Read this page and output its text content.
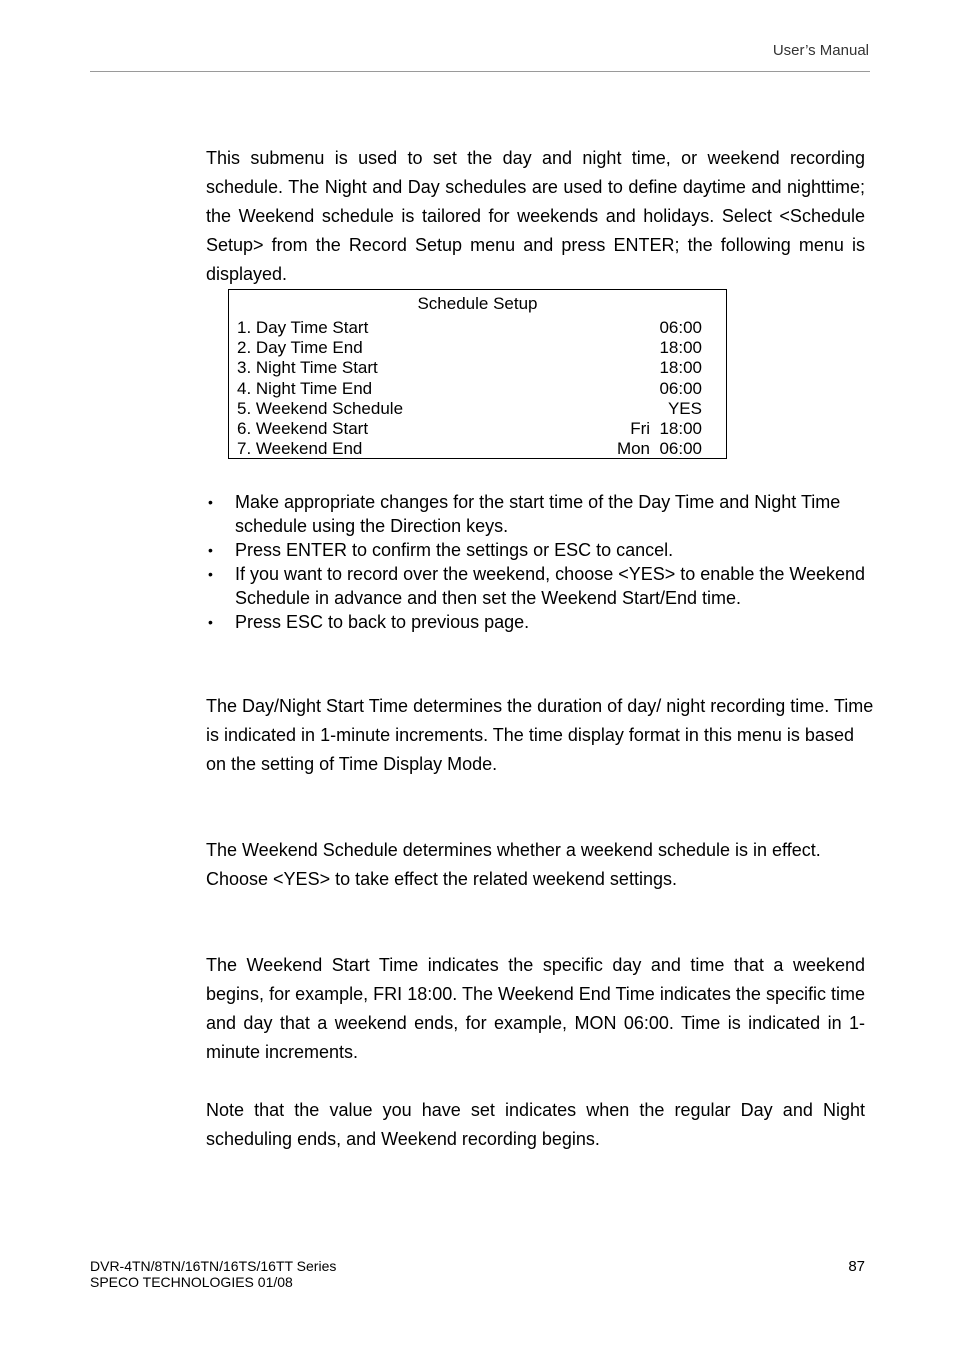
User’s Manual

This submenu is used to set the day and night time, or weekend recording schedule. The Night and Day schedules are used to define daytime and nighttime; the Weekend schedule is tailored for weekends and holidays. Select <Schedule Setup> from the Record Setup menu and press ENTER; the following menu is displayed.

Schedule Setup
1. Day Time Start	06:00
2. Day Time End	18:00
3. Night Time Start	18:00
4. Night Time End	06:00
5. Weekend Schedule	YES
6. Weekend Start	Fri  18:00
7. Weekend End	Mon  06:00
• Make appropriate changes for the start time of the Day Time and Night Time schedule using the Direction keys.
• Press ENTER to confirm the settings or ESC to cancel.
• If you want to record over the weekend, choose <YES> to enable the Weekend Schedule in advance and then set the Weekend Start/End time.
• Press ESC to back to previous page.

The Day/Night Start Time determines the duration of day/ night recording time. Time is indicated in 1-minute increments. The time display format in this menu is based on the setting of Time Display Mode.

The Weekend Schedule determines whether a weekend schedule is in effect. Choose <YES> to take effect the related weekend settings.

The Weekend Start Time indicates the specific day and time that a weekend begins, for example, FRI 18:00. The Weekend End Time indicates the specific time and day that a weekend ends, for example, MON 06:00. Time is indicated in 1-minute increments.

Note that the value you have set indicates when the regular Day and Night scheduling ends, and Weekend recording begins.

DVR-4TN/8TN/16TN/16TS/16TT Series
SPECO TECHNOLOGIES 01/08
87
